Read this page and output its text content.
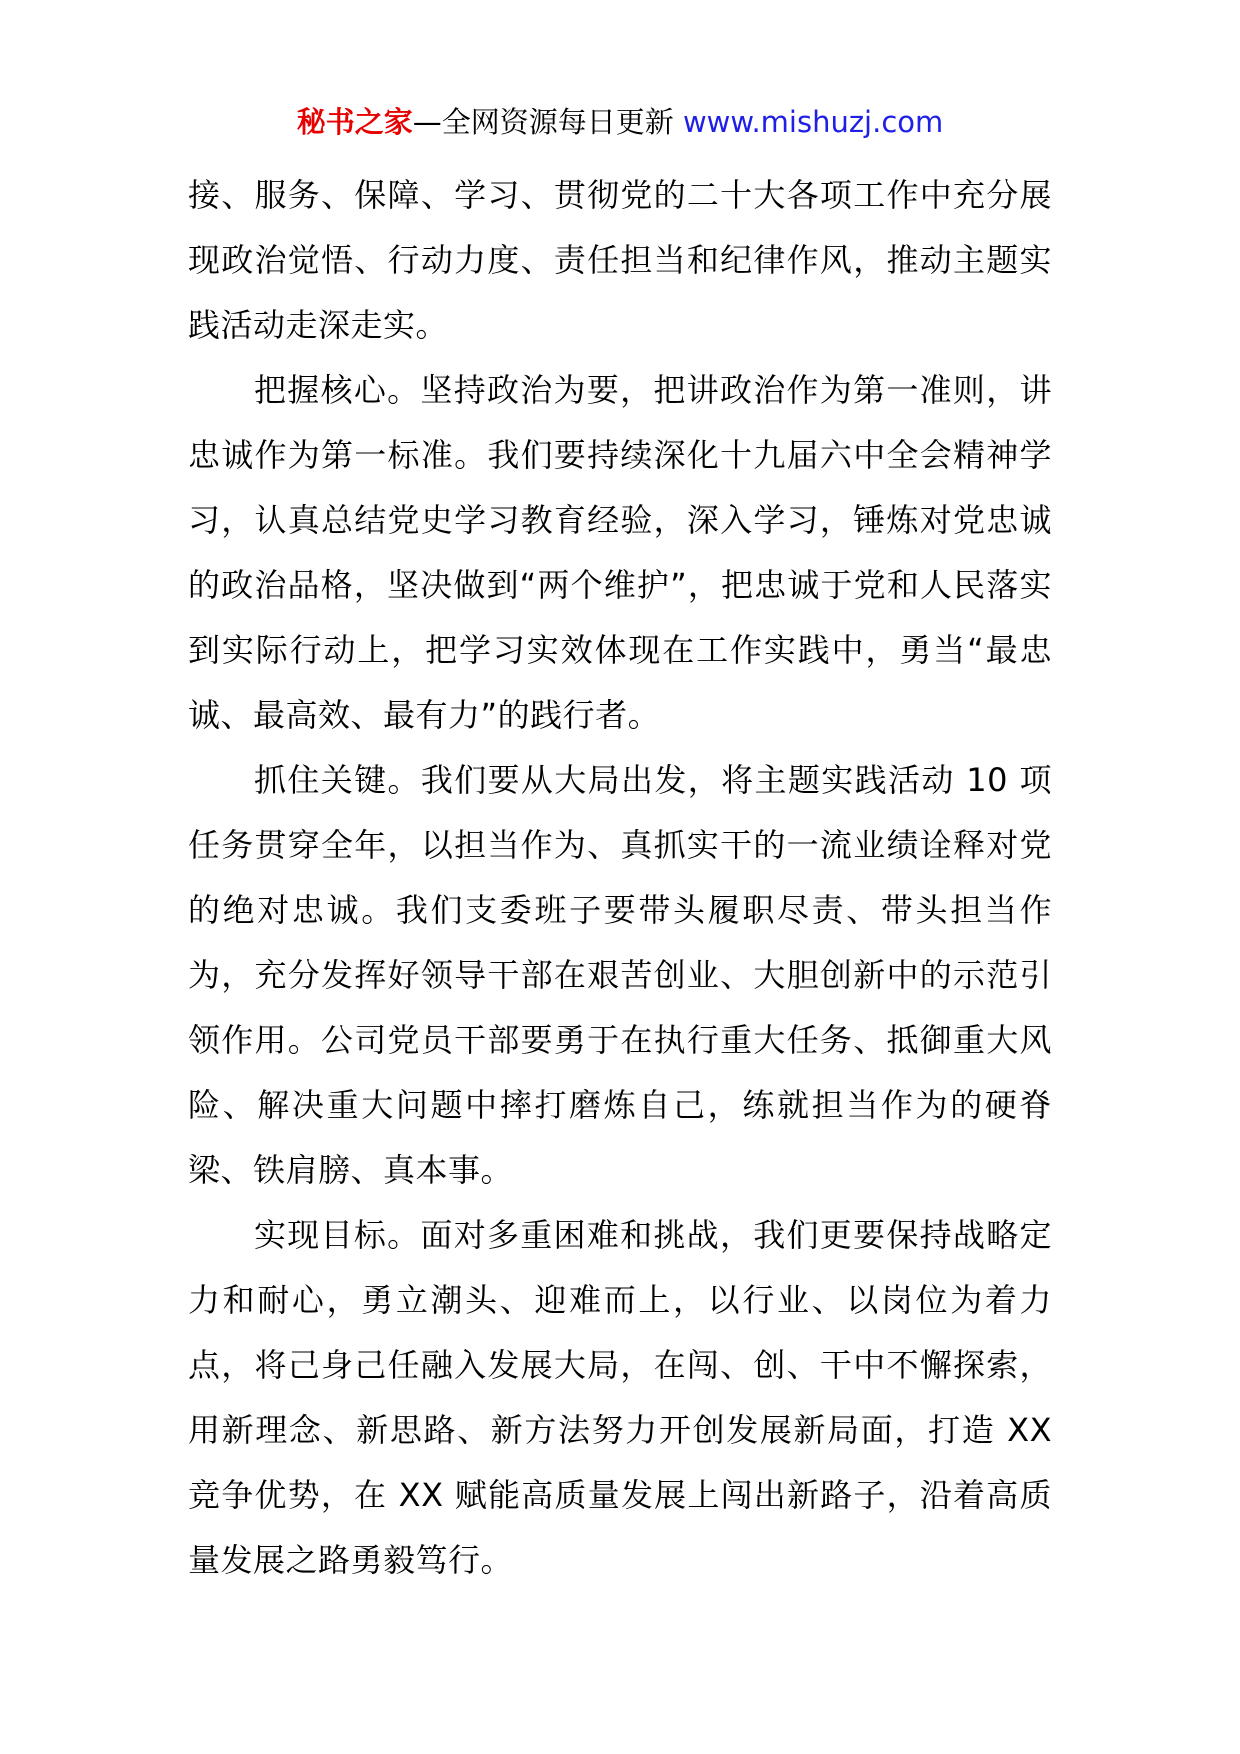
秘书之家—全网资源每日更新 www.mishuzj.com

接、服务、保障、学习、贯彻党的二十大各项工作中充分展现政治觉悟、行动力度、责任担当和纪律作风，推动主题实践活动走深走实。

把握核心。坚持政治为要，把讲政治作为第一准则，讲忠诚作为第一标准。我们要持续深化十九届六中全会精神学习，认真总结党史学习教育经验，深入学习，锤炼对党忠诚的政治品格，坚决做到“两个维护”，把忠诚于党和人民落实到实际行动上，把学习实效体现在工作实践中，勇当“最忠诚、最高效、最有力”的践行者。

抓住关键。我们要从大局出发，将主题实践活动 10 项任务贯穿全年，以担当作为、真抓实干的一流业绩诠释对党的绝对忠诚。我们支委班子要带头履职尽责、带头担当作为，充分发挥好领导干部在艰苦创业、大胆创新中的示范引领作用。公司党员干部要勇于在执行重大任务、抵御重大风险、解决重大问题中摔打磨炼自己，练就担当作为的硬脊梁、铁肩膀、真本事。

实现目标。面对多重困难和挑战，我们更要保持战略定力和耐心，勇立潮头、迎难而上，以行业、以岗位为着力点，将己身己任融入发展大局，在闯、创、干中不懈探索，用新理念、新思路、新方法努力开创发展新局面，打造 XX 竞争优势，在 XX 赋能高质量发展上闯出新路子，沿着高质量发展之路勇毅笃行。
